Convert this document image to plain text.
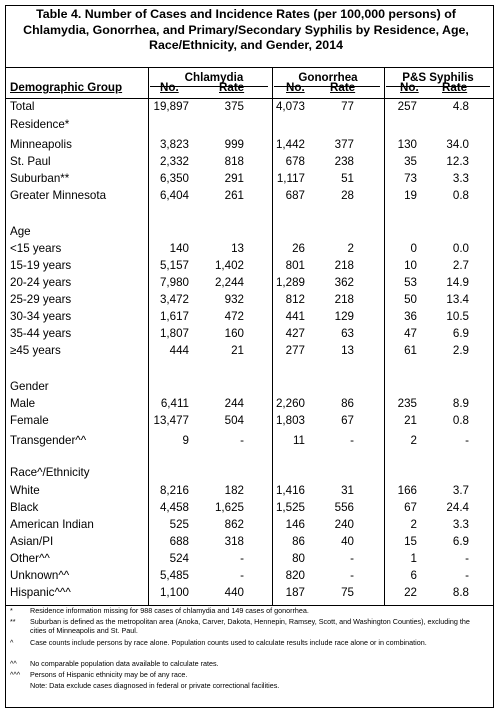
Table 4. Number of Cases and Incidence Rates (per 100,000 persons) of Chlamydia, Gonorrhea, and Primary/Secondary Syphilis by Residence, Age, Race/Ethnicity, and Gender, 2014
Chlamydia	Gonorrhea	P&S Syphilis
Demographic Group	No.	Rate	No. Rate	No. Rate
Total	19,897	375	4,073	77	257	4.8
Residence*
Minneapolis	3,823	999	1,442	377	130	34.0
St. Paul	2,332	818	678	238	35	12.3
Suburban**	6,350	291	1,117	51	73	3.3
Greater Minnesota	6,404	261	687	28	19	0.8
Age
<15 years	140	13	26	2	0	0.0
15-19 years	5,157	1,402	801	218	10	2.7
20-24 years	7,980	2,244	1,289	362	53	14.9
25-29 years	3,472	932	812	218	50	13.4
30-34 years	1,617	472	441	129	36	10.5
35-44 years	1,807	160	427	63	47	6.9
≥45 years	444	21	277	13	61	2.9
Gender
Male	6,411	244	2,260	86	235	8.9
Female	13,477	504	1,803	67	21	0.8
Transgender^^	9	-	11	-	2	-
Race^/Ethnicity
White	8,216	182	1,416	31	166	3.7
Black	4,458	1,625	1,525	556	67	24.4
American Indian	525	862	146	240	2	3.3
Asian/PI	688	318	86	40	15	6.9
Other^^	524	-	80	-	1	-
Unknown^^	5,485	-	820	-	6	-
Hispanic^^^	1,100	440	187	75	22	8.8
* Residence information missing for 988 cases of chlamydia and 149 cases of gonorrhea.
** Suburban is defined as the metropolitan area (Anoka, Carver, Dakota, Hennepin, Ramsey, Scott, and Washington Counties), excluding the cities of Minneapolis and St. Paul.
^ Case counts include persons by race alone. Population counts used to calculate results include race alone or in combination.
^^ No comparable population data available to calculate rates.
^^^ Persons of Hispanic ethnicity may be of any race.
Note: Data exclude cases diagnosed in federal or private correctional facilities.
